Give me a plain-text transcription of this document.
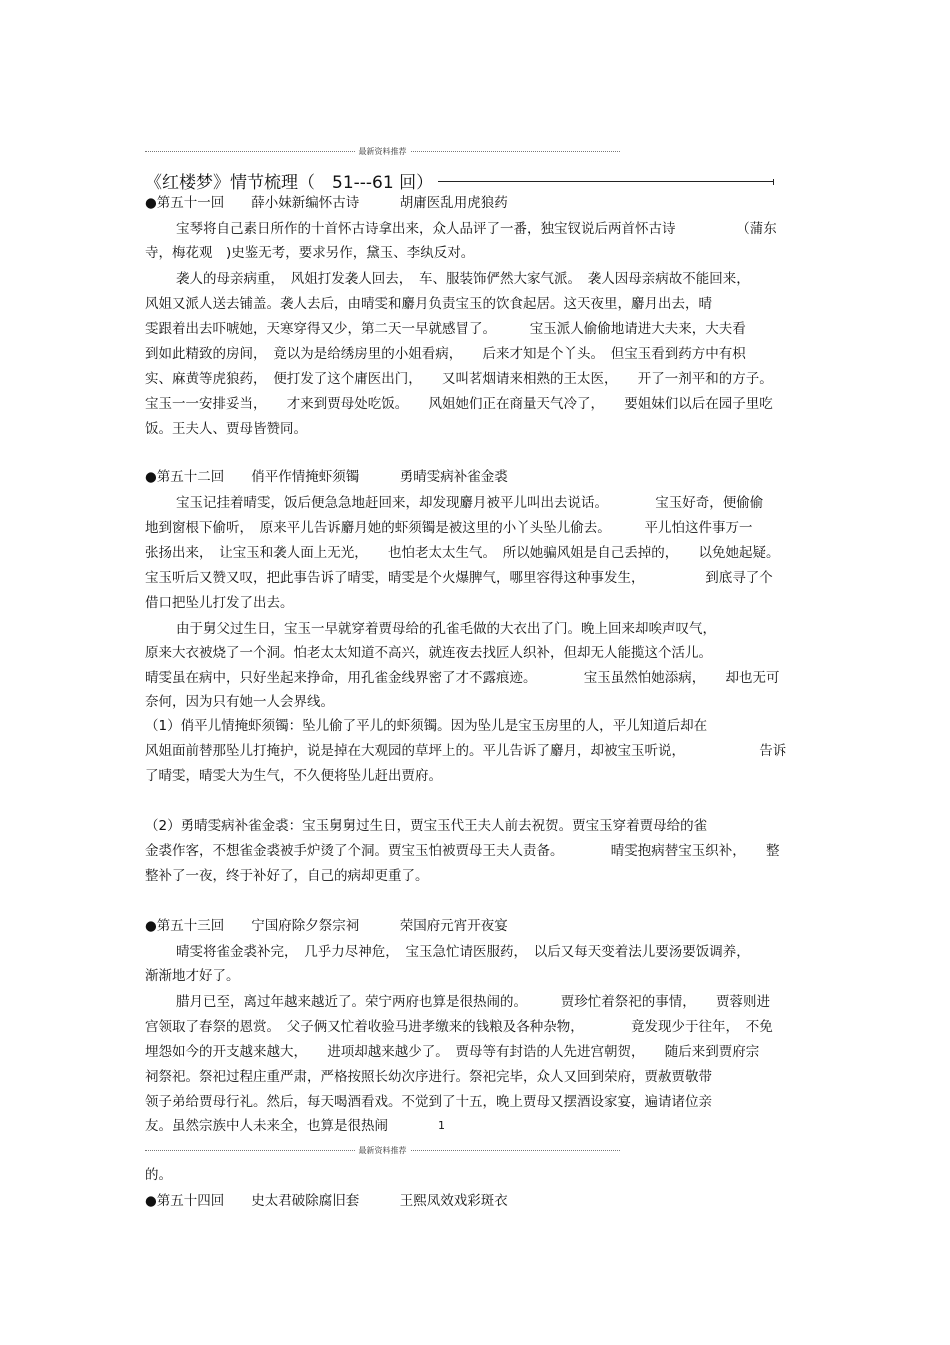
最新资料推荐
《红楼梦》情节梳理（　51---61 回）
●第五十一回　　薛小妹新编怀古诗　　　胡庸医乱用虎狼药
宝琴将自己素日所作的十首怀古诗拿出来，众人品评了一番，独宝钗说后两首怀古诗　　　　　（蒲东
寺，梅花观　)史鉴无考，要求另作，黛玉、李纨反对。
袭人的母亲病重，　风姐打发袭人回去，　车、服装饰俨然大家气派。　袭人因母亲病故不能回来，
风姐又派人送去铺盖。袭人去后，由晴雯和麝月负责宝玉的饮食起居。这天夜里，麝月出去，晴
雯跟着出去吓唬她，天寒穿得又少，第二天一早就感冒了。　　　宝玉派人偷偷地请进大夫来，大夫看
到如此精致的房间，　竟以为是给绣房里的小姐看病，　　后来才知是个丫头。　但宝玉看到药方中有枳
实、麻黄等虎狼药，　便打发了这个庸医出门，　　又叫茗烟请来相熟的王太医，　　开了一剂平和的方子。
宝玉一一安排妥当，　　才来到贾母处吃饭。　　风姐她们正在商量天气冷了，　　要姐妹们以后在园子里吃
饭。王夫人、贾母皆赞同。
●第五十二回　　俏平作情掩虾须镯　　　勇晴雯病补雀金裘
宝玉记挂着晴雯，饭后便急急地赶回来，却发现麝月被平儿叫出去说话。　　　　宝玉好奇，便偷偷
地到窗根下偷听，　原来平儿告诉麝月她的虾须镯是被这里的小丫头坠儿偷去。　　　平儿怕这件事万一
张扬出来，　让宝玉和袭人面上无光，　　也怕老太太生气。　所以她骗风姐是自己丢掉的，　　以免她起疑。
宝玉听后又赞又叹，把此事告诉了晴雯，晴雯是个火爆脾气，哪里容得这种事发生，　　　　　到底寻了个
借口把坠儿打发了出去。
由于舅父过生日，宝玉一早就穿着贾母给的孔雀毛做的大衣出了门。晚上回来却唉声叹气，
原来大衣被烧了一个洞。怕老太太知道不高兴，就连夜去找匠人织补，但却无人能揽这个活儿。
晴雯虽在病中，只好坐起来挣命，用孔雀金线界密了才不露痕迹。　　　　宝玉虽然怕她添病，　　却也无可
奈何，因为只有她一人会界线。
（1）俏平儿情掩虾须镯：坠儿偷了平儿的虾须镯。因为坠儿是宝玉房里的人，平儿知道后却在
风姐面前替那坠儿打掩护，说是掉在大观园的草坪上的。平儿告诉了麝月，却被宝玉听说，　　　　　　告诉
了晴雯，晴雯大为生气，不久便将坠儿赶出贾府。
（2）勇晴雯病补雀金裘：宝玉舅舅过生日，贾宝玉代王夫人前去祝贺。贾宝玉穿着贾母给的雀
金裘作客，不想雀金裘被手炉烫了个洞。贾宝玉怕被贾母王夫人责备。　　　　晴雯抱病替宝玉织补，　　整
整补了一夜，终于补好了，自己的病却更重了。
●第五十三回　　宁国府除夕祭宗祠　　　荣国府元宵开夜宴
晴雯将雀金裘补完，　几乎力尽神危，　宝玉急忙请医服药，　以后又每天变着法儿要汤要饭调养，
渐渐地才好了。
腊月已至，离过年越来越近了。荣宁两府也算是很热闹的。　　　贾珍忙着祭祀的事情，　　贾蓉则进
宫领取了春祭的恩赏。　父子俩又忙着收验马进孝缴来的钱粮及各种杂物，　　　　竟发现少于往年，　不免
埋怨如今的开支越来越大，　　进项却越来越少了。　贾母等有封诰的人先进宫朝贺，　　随后来到贾府宗
祠祭祀。祭祀过程庄重严肃，严格按照长幼次序进行。祭祀完毕，众人又回到荣府，贾赦贾敬带
领子弟给贾母行礼。然后，每天喝酒看戏。不觉到了十五，晚上贾母又摆酒设家宴，遍请诸位亲
友。虽然宗族中人未来全，也算是很热闹	1
最新资料推荐
的。
●第五十四回　　史太君破除腐旧套　　　王熙凤效戏彩斑衣
